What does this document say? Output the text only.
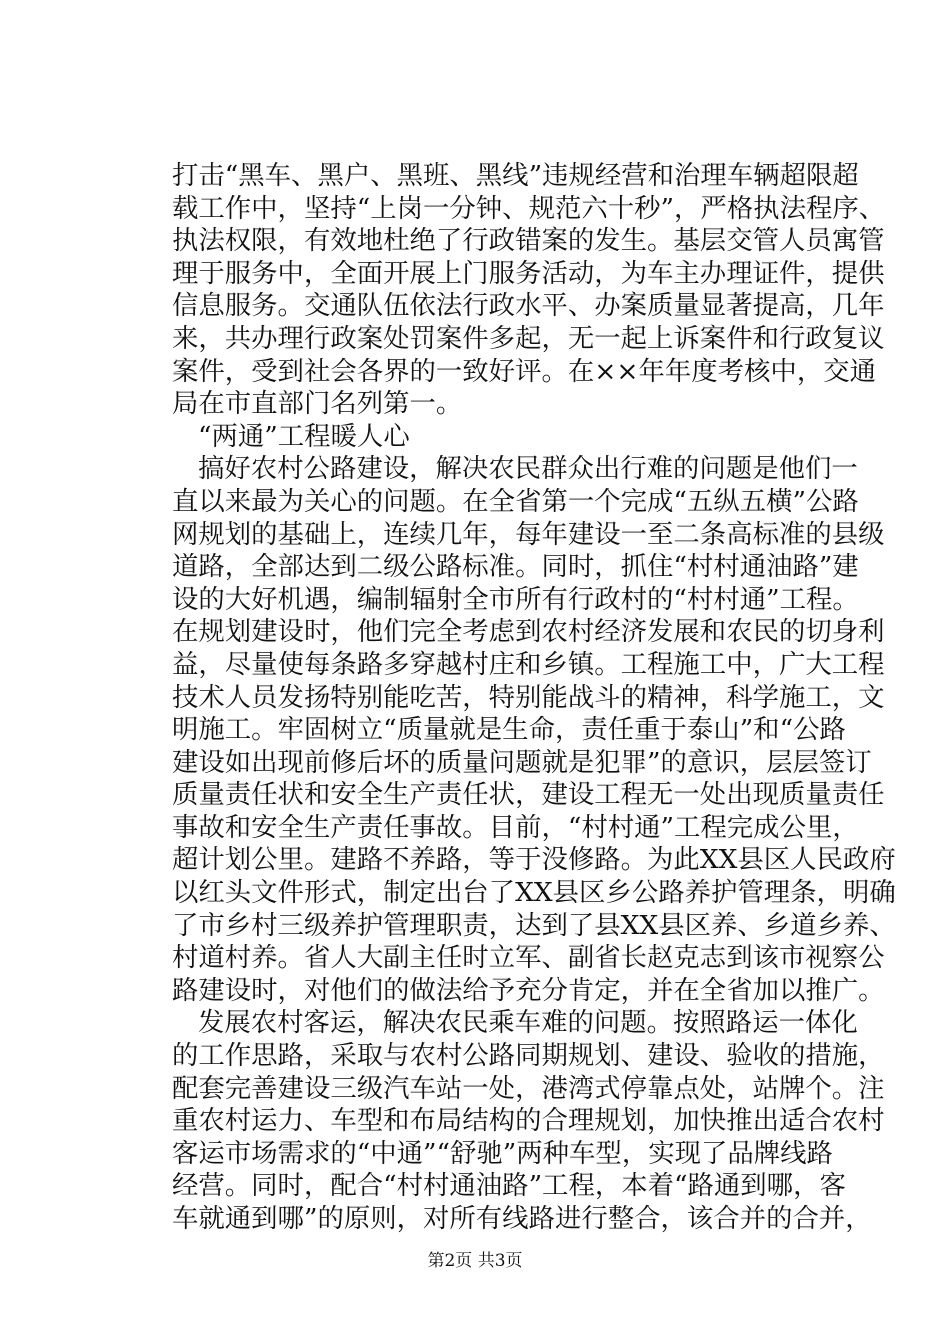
打击“黑车、黑户、黑班、黑线”违规经营和治理车辆超限超
载工作中，坚持“上岗一分钟、规范六十秒”，严格执法程序、
执法权限，有效地杜绝了行政错案的发生。基层交管人员寓管
理于服务中，全面开展上门服务活动，为车主办理证件，提供
信息服务。交通队伍依法行政水平、办案质量显著提高，几年
来，共办理行政案处罚案件多起，无一起上诉案件和行政复议
案件，受到社会各界的一致好评。在××年年度考核中，交通
局在市直部门名列第一。
“两通”工程暖人心
搞好农村公路建设，解决农民群众出行难的问题是他们一
直以来最为关心的问题。在全省第一个完成“五纵五横”公路
网规划的基础上，连续几年，每年建设一至二条高标准的县级
道路，全部达到二级公路标准。同时，抓住“村村通油路”建
设的大好机遇，编制辐射全市所有行政村的“村村通”工程。
在规划建设时，他们完全考虑到农村经济发展和农民的切身利
益，尽量使每条路多穿越村庄和乡镇。工程施工中，广大工程
技术人员发扬特别能吃苦，特别能战斗的精神，科学施工，文
明施工。牢固树立“质量就是生命，责任重于泰山”和“公路
建设如出现前修后坏的质量问题就是犯罪”的意识，层层签订
质量责任状和安全生产责任状，建设工程无一处出现质量责任
事故和安全生产责任事故。目前，“村村通”工程完成公里，
超计划公里。建路不养路，等于没修路。为此XX县区人民政府
以红头文件形式，制定出台了XX县区乡公路养护管理条，明确
了市乡村三级养护管理职责，达到了县XX县区养、乡道乡养、
村道村养。省人大副主任时立军、副省长赵克志到该市视察公
路建设时，对他们的做法给予充分肯定，并在全省加以推广。
发展农村客运，解决农民乘车难的问题。按照路运一体化
的工作思路，采取与农村公路同期规划、建设、验收的措施，
配套完善建设三级汽车站一处，港湾式停靠点处，站牌个。注
重农村运力、车型和布局结构的合理规划，加快推出适合农村
客运市场需求的“中通”“舒驰”两种车型，实现了品牌线路
经营。同时，配合“村村通油路”工程，本着“路通到哪，客
车就通到哪”的原则，对所有线路进行整合，该合并的合并，
第2页 共3页
